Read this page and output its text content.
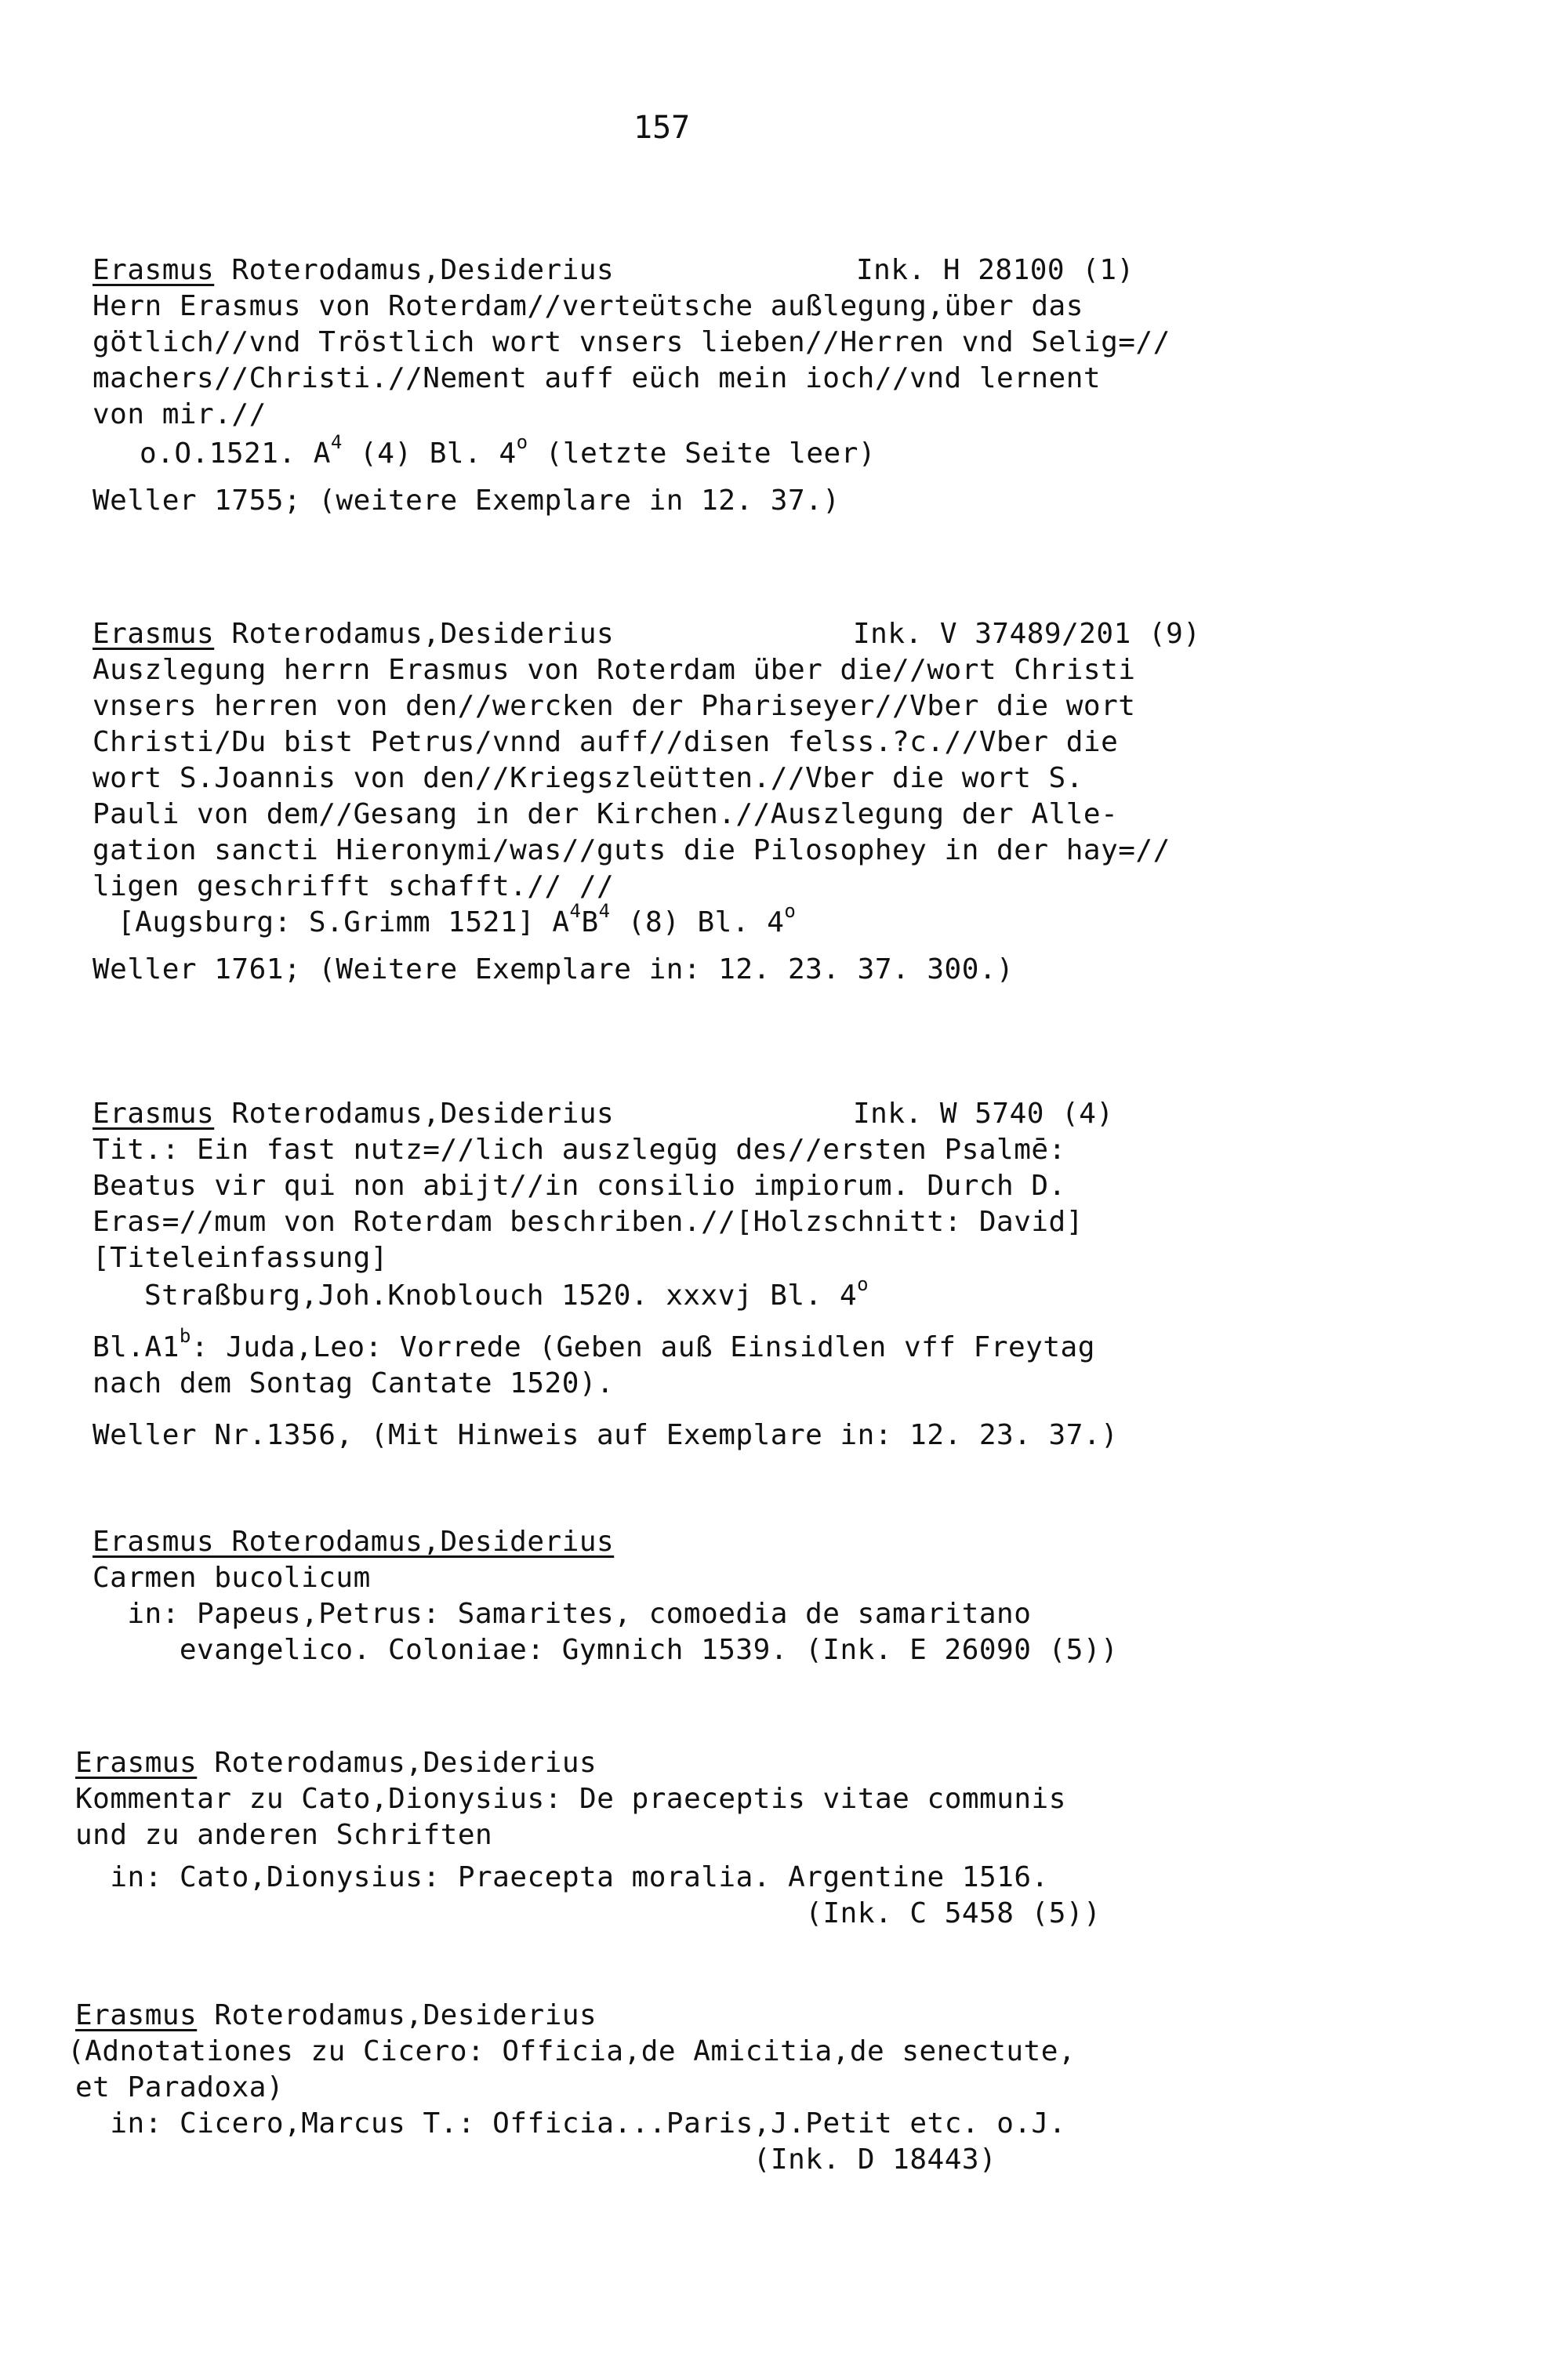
157

Erasmus Roterodamus,Desiderius

	Ink. H 28100 (1)

Hern Erasmus von Roterdam//verteütsche außlegung,über das

götlich//vnd Tröstlich wort vnsers lieben//Herren vnd Selig=//

machers//Christi.//Nement auff eüch mein ioch//vnd lernent

von mir.//

o.O.1521. $A^4$ (4) Bl. 4$^o$ (letzte Seite leer)

Weller 1755; (weitere Exemplare in 12. 37.)

Erasmus Roterodamus,Desiderius

	Ink. V 37489/201 (9)

Auszlegung herrn Erasmus von Roterdam über die//wort Christi

vnsers herren von den//wercken der Phariseyer//Vber die wort

Christi/Du bist Petrus/vnnd auff//disen felss.?c.//Vber die

wort S.Joannis von den//Kriegszleütten.//Vber die wort S.

Pauli von dem//Gesang in der Kirchen.//Auszlegung der Alle-

gation sancti Hieronymi/was//guts die Pilosophey in der hay=//

ligen geschrifft schafft.// //

[Augsburg: S.Grimm 1521] $A^4B^4$ (8) Bl. 4$^o$

Weller 1761; (Weitere Exemplare in: 12. 23. 37. 300.)

Erasmus Roterodamus,Desiderius

	Ink. W 5740 (4)

Tit.: Ein fast nutz=//lich auszlegūg des//ersten Psalmē:

Beatus vir qui non abijt//in consilio impiorum. Durch D.

Eras=//mum von Roterdam beschriben.//[Holzschnitt: David]

[Titeleinfassung]

Straßburg,Joh.Knoblouch 1520. xxxvj Bl. 4$^o$

Bl.A1$^b$: Juda,Leo: Vorrede (Geben auß Einsidlen vff Freytag

nach dem Sontag Cantate 1520).

Weller Nr.1356, (Mit Hinweis auf Exemplare in: 12. 23. 37.)

Erasmus Roterodamus,Desiderius

Carmen bucolicum

in: Papeus,Petrus: Samarites, comoedia de samaritano

evangelico. Coloniae: Gymnich 1539. (Ink. E 26090 (5))

Erasmus Roterodamus,Desiderius

Kommentar zu Cato,Dionysius: De praeceptis vitae communis

und zu anderen Schriften

in: Cato,Dionysius: Praecepta moralia. Argentine 1516.

(Ink. C 5458 (5))

Erasmus Roterodamus,Desiderius

(Adnotationes zu Cicero: Officia,de Amicitia,de senectute,

et Paradoxa)

in: Cicero,Marcus T.: Officia...Paris,J.Petit etc. o.J.

(Ink. D 18443)
